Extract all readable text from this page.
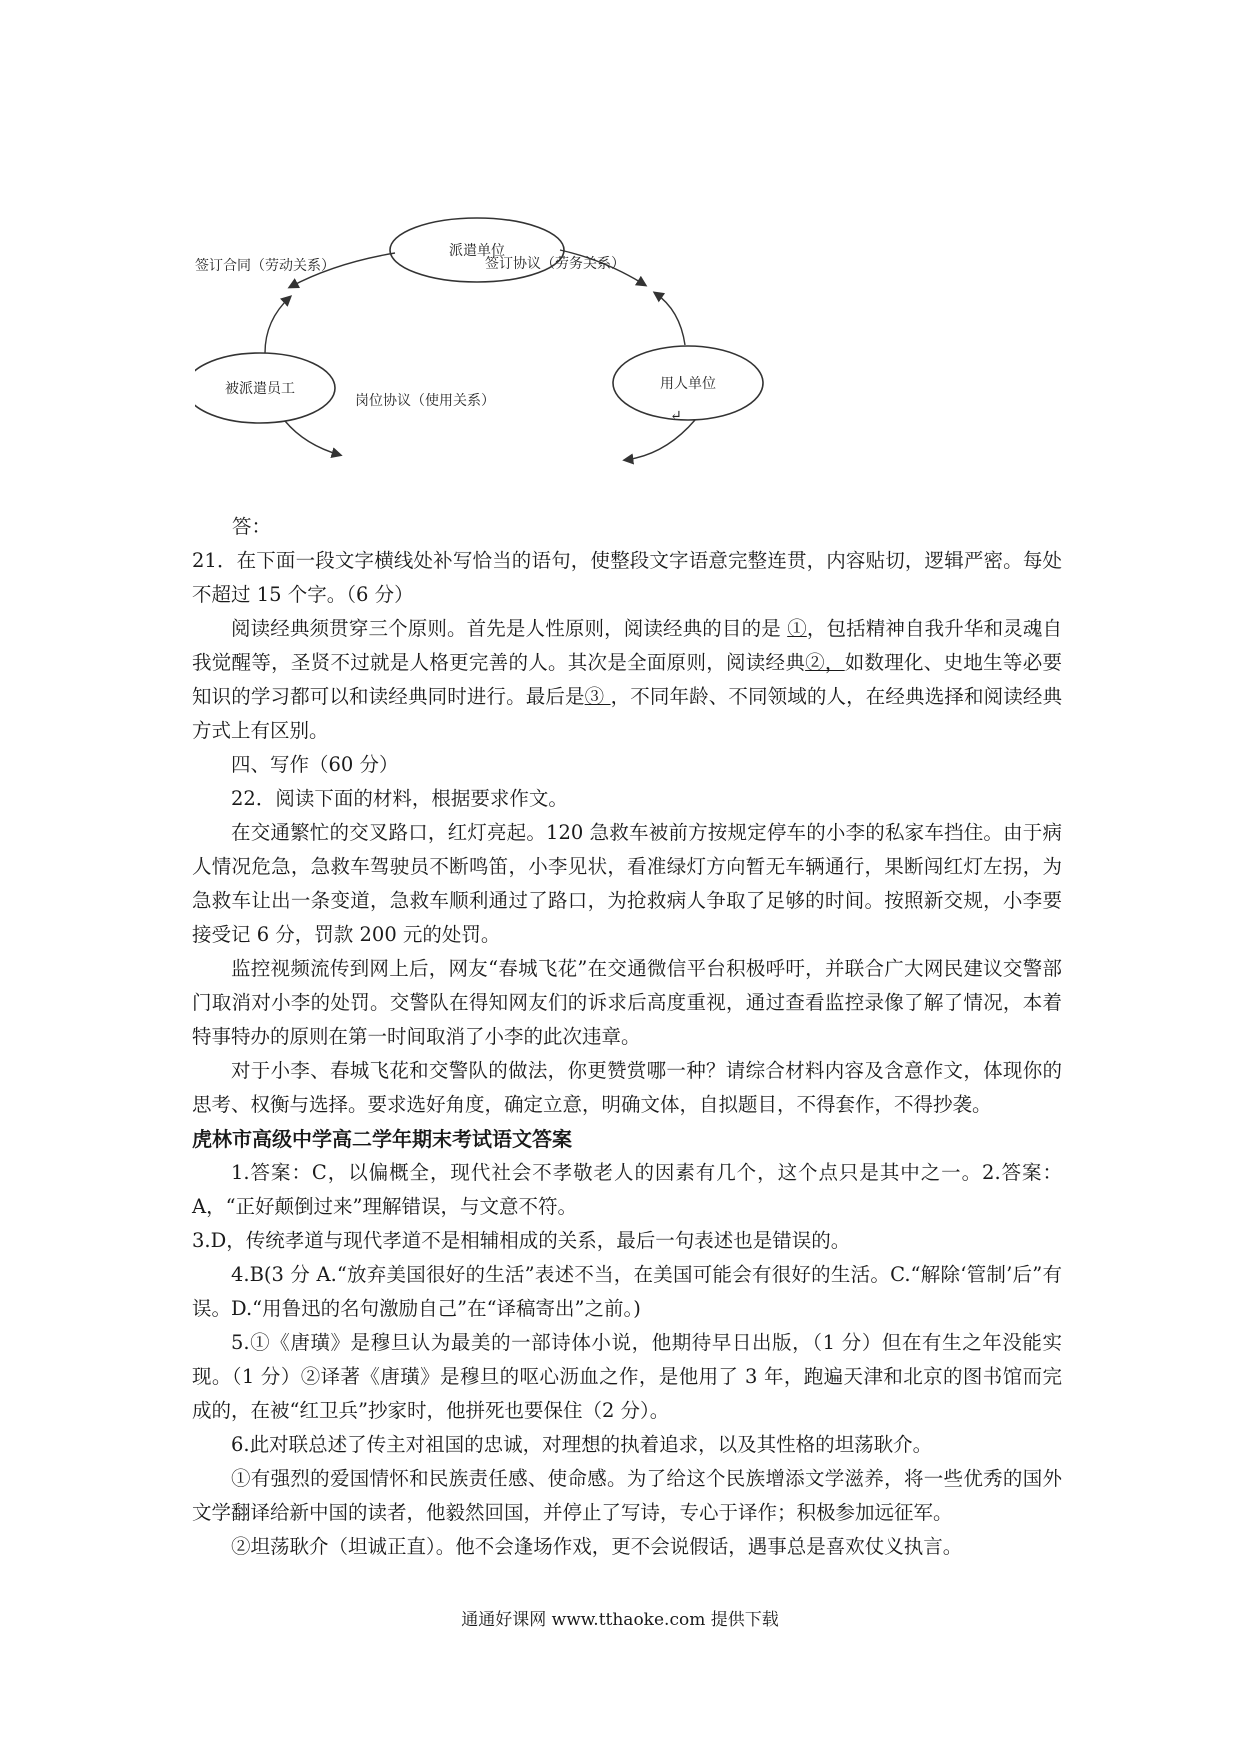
派遣单位
被派遣员工	用人单位
签订合同（劳动关系）	签订协议（劳务关系）
岗位协议（使用关系）
↵

答：

21．在下面一段文字横线处补写恰当的语句，使整段文字语意完整连贯，内容贴切，逻辑严密。每处不超过 15 个字。（6 分）

阅读经典须贯穿三个原则。首先是人性原则，阅读经典的目的是 ①，包括精神自我升华和灵魂自我觉醒等，圣贤不过就是人格更完善的人。其次是全面原则，阅读经典②，如数理化、史地生等必要知识的学习都可以和读经典同时进行。最后是③ ，不同年龄、不同领域的人，在经典选择和阅读经典方式上有区别。

四、写作（60 分）

22．阅读下面的材料，根据要求作文。

在交通繁忙的交叉路口，红灯亮起。120 急救车被前方按规定停车的小李的私家车挡住。由于病人情况危急，急救车驾驶员不断鸣笛，小李见状，看准绿灯方向暂无车辆通行，果断闯红灯左拐，为急救车让出一条变道，急救车顺利通过了路口，为抢救病人争取了足够的时间。按照新交规，小李要接受记 6 分，罚款 200 元的处罚。

监控视频流传到网上后，网友“春城飞花”在交通微信平台积极呼吁，并联合广大网民建议交警部门取消对小李的处罚。交警队在得知网友们的诉求后高度重视，通过查看监控录像了解了情况，本着特事特办的原则在第一时间取消了小李的此次违章。

对于小李、春城飞花和交警队的做法，你更赞赏哪一种？请综合材料内容及含意作文，体现你的思考、权衡与选择。要求选好角度，确定立意，明确文体，自拟题目，不得套作，不得抄袭。

虎林市高级中学高二学年期末考试语文答案

1.答案：C，以偏概全，现代社会不孝敬老人的因素有几个，这个点只是其中之一。2.答案：A，“正好颠倒过来”理解错误，与文意不符。

3.D，传统孝道与现代孝道不是相辅相成的关系，最后一句表述也是错误的。

4.B(3 分 A.“放弃美国很好的生活”表述不当，在美国可能会有很好的生活。C.“解除‘管制’后”有误。D.“用鲁迅的名句激励自己”在“译稿寄出”之前。)

5.①《唐璜》是穆旦认为最美的一部诗体小说，他期待早日出版，（1 分）但在有生之年没能实现。（1 分）②译著《唐璜》是穆旦的呕心沥血之作，是他用了 3 年，跑遍天津和北京的图书馆而完成的，在被“红卫兵”抄家时，他拼死也要保住（2 分）。

6.此对联总述了传主对祖国的忠诚，对理想的执着追求，以及其性格的坦荡耿介。

①有强烈的爱国情怀和民族责任感、使命感。为了给这个民族增添文学滋养，将一些优秀的国外文学翻译给新中国的读者，他毅然回国，并停止了写诗，专心于译作；积极参加远征军。

②坦荡耿介（坦诚正直）。他不会逢场作戏，更不会说假话，遇事总是喜欢仗义执言。

通通好课网 www.tthaoke.com 提供下载
